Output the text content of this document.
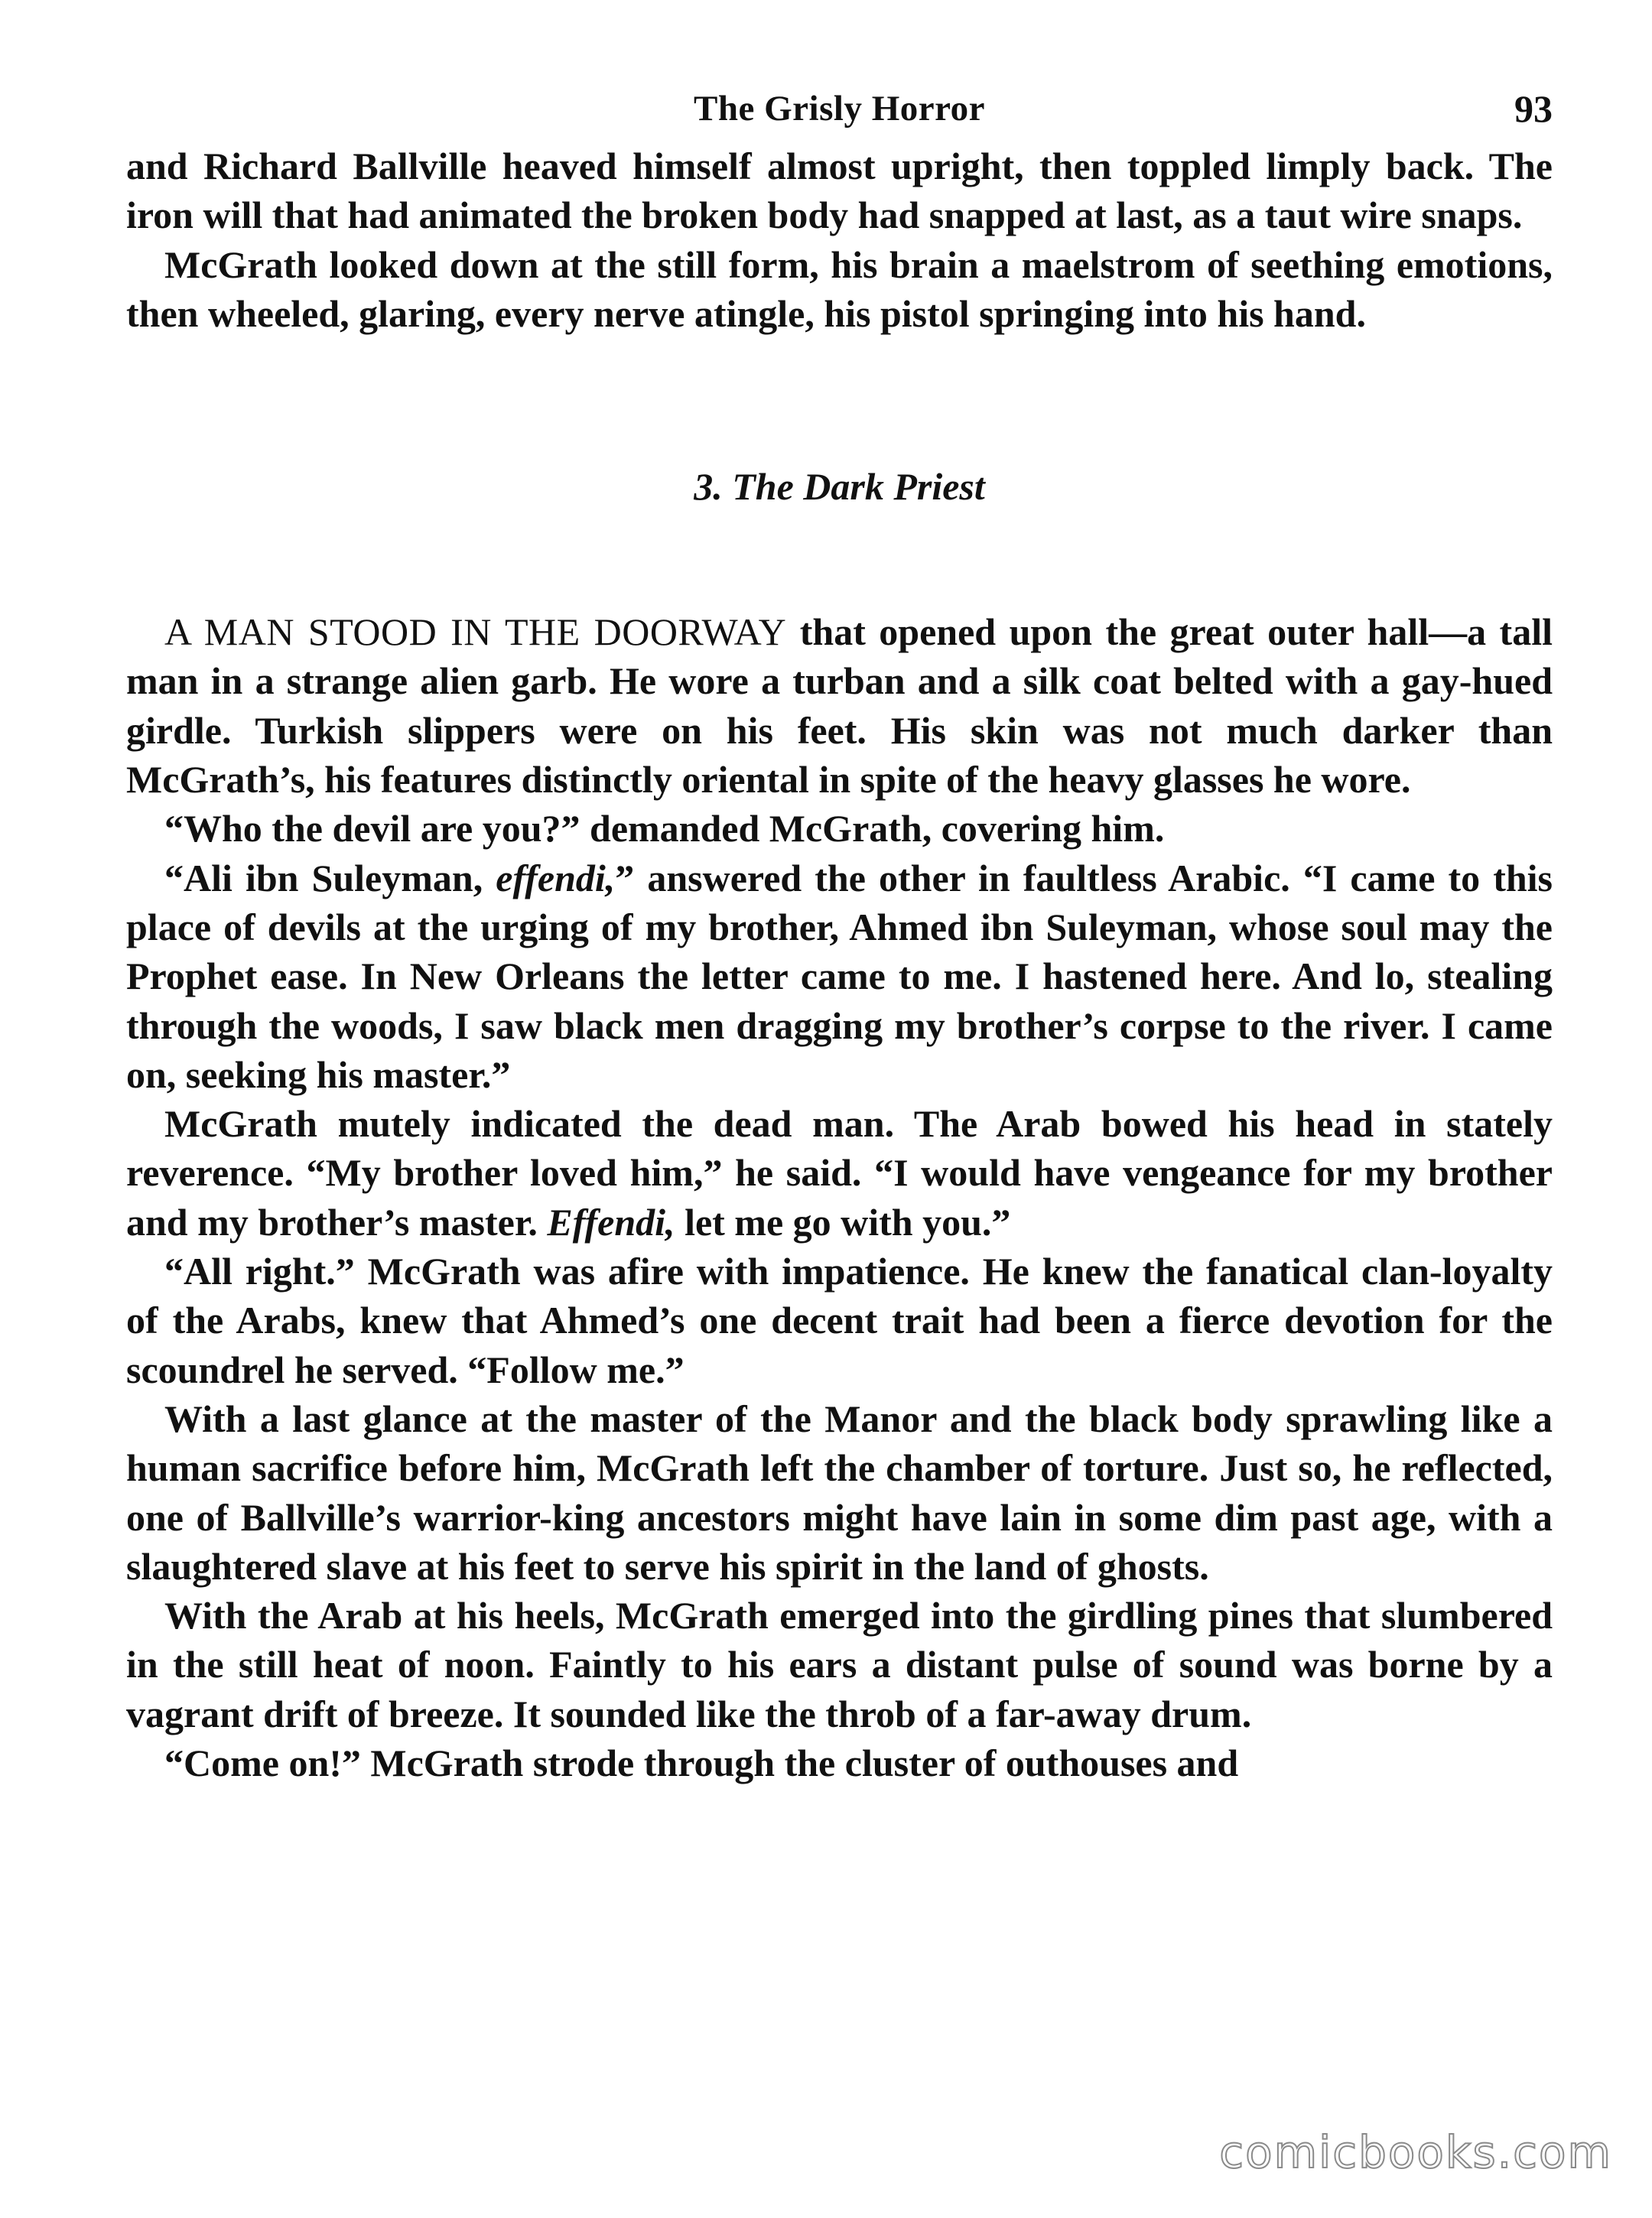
The Grisly Horror	93

and Richard Ballville heaved himself almost upright, then toppled limply back. The iron will that had animated the broken body had snapped at last, as a taut wire snaps.

McGrath looked down at the still form, his brain a maelstrom of seething emotions, then wheeled, glaring, every nerve atingle, his pistol springing into his hand.

3. The Dark Priest

A MAN STOOD IN THE DOORWAY that opened upon the great outer hall—a tall man in a strange alien garb. He wore a turban and a silk coat belted with a gay-hued girdle. Turkish slippers were on his feet. His skin was not much darker than McGrath’s, his features distinctly oriental in spite of the heavy glasses he wore.

“Who the devil are you?” demanded McGrath, covering him.

“Ali ibn Suleyman, effendi,” answered the other in faultless Arabic. “I came to this place of devils at the urging of my brother, Ahmed ibn Suleyman, whose soul may the Prophet ease. In New Orleans the letter came to me. I hastened here. And lo, stealing through the woods, I saw black men dragging my brother’s corpse to the river. I came on, seeking his master.”

McGrath mutely indicated the dead man. The Arab bowed his head in stately reverence. “My brother loved him,” he said. “I would have vengeance for my brother and my brother’s master. Effendi, let me go with you.”

“All right.” McGrath was afire with impatience. He knew the fanatical clan-loyalty of the Arabs, knew that Ahmed’s one decent trait had been a fierce devotion for the scoundrel he served. “Follow me.”

With a last glance at the master of the Manor and the black body sprawling like a human sacrifice before him, McGrath left the chamber of torture. Just so, he reflected, one of Ballville’s warrior-king ancestors might have lain in some dim past age, with a slaughtered slave at his feet to serve his spirit in the land of ghosts.

With the Arab at his heels, McGrath emerged into the girdling pines that slumbered in the still heat of noon. Faintly to his ears a distant pulse of sound was borne by a vagrant drift of breeze. It sounded like the throb of a far-away drum.

“Come on!” McGrath strode through the cluster of outhouses and

comicbooks.com
